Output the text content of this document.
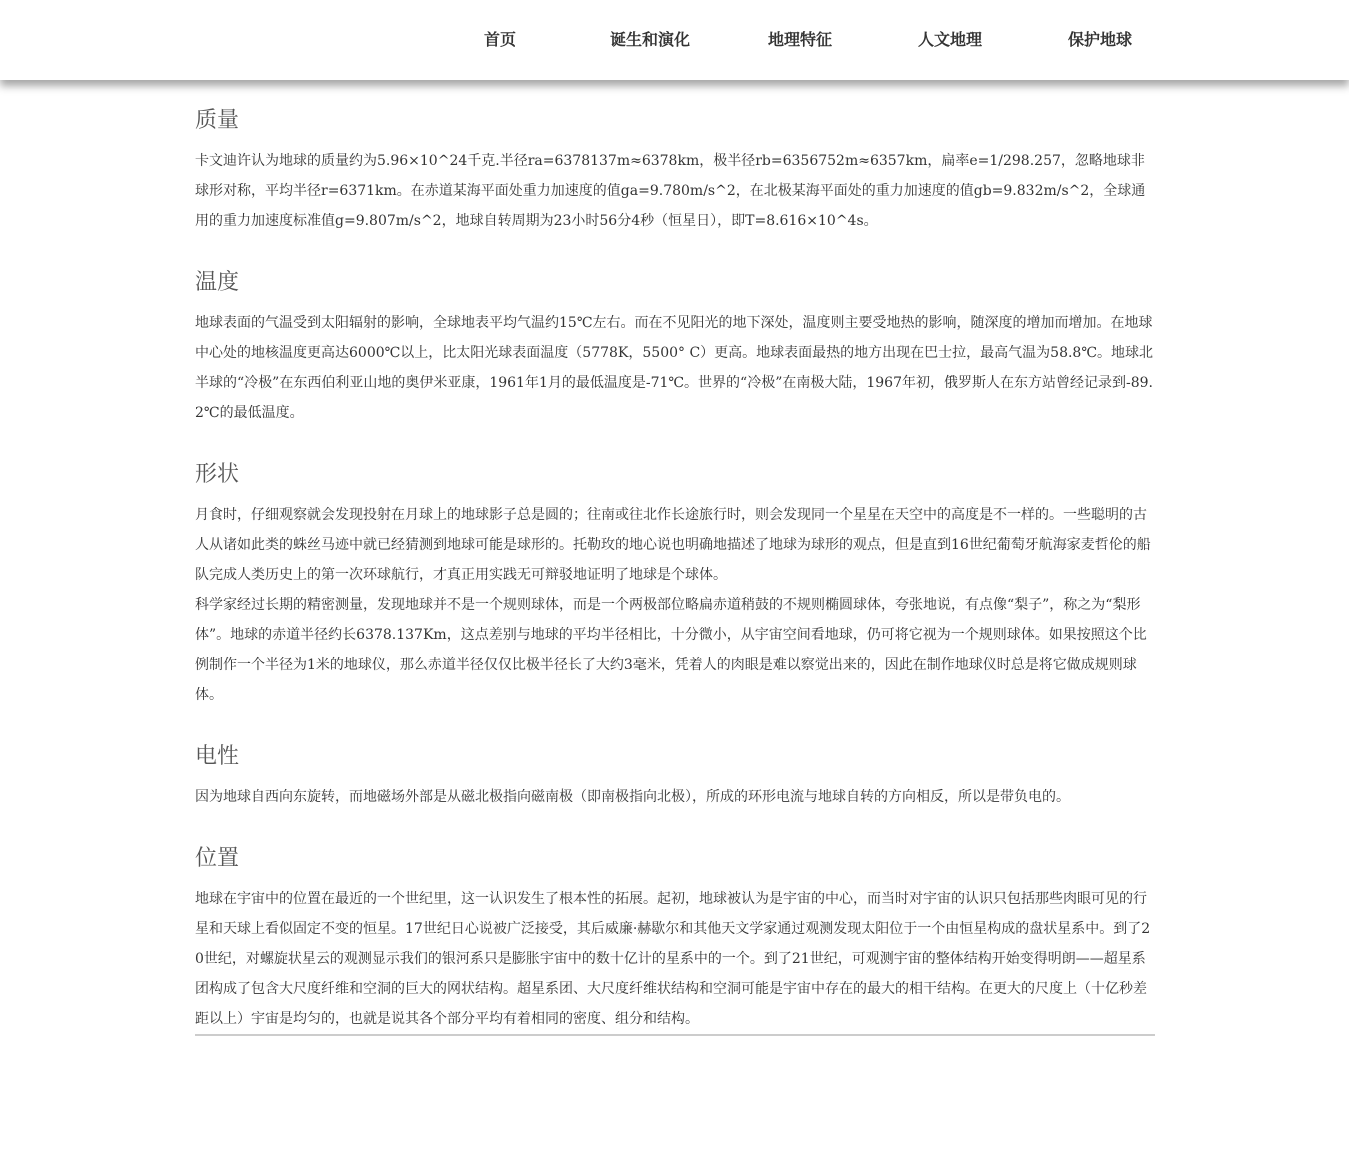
首页	诞生和演化	地理特征	人文地理	保护地球
质量

卡文迪许认为地球的质量约为5.96×10^24千克.半径ra=6378137m≈6378km，极半径rb=6356752m≈6357km，扁率e=1/298.257，忽略地球非球形对称，平均半径r=6371km。在赤道某海平面处重力加速度的值ga=9.780m/s^2，在北极某海平面处的重力加速度的值gb=9.832m/s^2，全球通用的重力加速度标准值g=9.807m/s^2，地球自转周期为23小时56分4秒（恒星日），即T=8.616×10^4s。

温度

地球表面的气温受到太阳辐射的影响，全球地表平均气温约15℃左右。而在不见阳光的地下深处，温度则主要受地热的影响，随深度的增加而增加。在地球中心处的地核温度更高达6000℃以上，比太阳光球表面温度（5778K，5500° C）更高。地球表面最热的地方出现在巴士拉，最高气温为58.8℃。地球北半球的“冷极”在东西伯利亚山地的奥伊米亚康，1961年1月的最低温度是-71℃。世界的“冷极”在南极大陆，1967年初，俄罗斯人在东方站曾经记录到-89.2℃的最低温度。

形状

月食时，仔细观察就会发现投射在月球上的地球影子总是圆的；往南或往北作长途旅行时，则会发现同一个星星在天空中的高度是不一样的。一些聪明的古人从诸如此类的蛛丝马迹中就已经猜测到地球可能是球形的。托勒玫的地心说也明确地描述了地球为球形的观点，但是直到16世纪葡萄牙航海家麦哲伦的船队完成人类历史上的第一次环球航行，才真正用实践无可辩驳地证明了地球是个球体。

科学家经过长期的精密测量，发现地球并不是一个规则球体，而是一个两极部位略扁赤道稍鼓的不规则椭圆球体，夸张地说，有点像“梨子”，称之为“梨形体”。地球的赤道半径约长6378.137Km，这点差别与地球的平均半径相比，十分微小，从宇宙空间看地球，仍可将它视为一个规则球体。如果按照这个比例制作一个半径为1米的地球仪，那么赤道半径仅仅比极半径长了大约3毫米，凭着人的肉眼是难以察觉出来的，因此在制作地球仪时总是将它做成规则球体。

电性

因为地球自西向东旋转，而地磁场外部是从磁北极指向磁南极（即南极指向北极），所成的环形电流与地球自转的方向相反，所以是带负电的。

位置

地球在宇宙中的位置在最近的一个世纪里，这一认识发生了根本性的拓展。起初，地球被认为是宇宙的中心，而当时对宇宙的认识只包括那些肉眼可见的行星和天球上看似固定不变的恒星。17世纪日心说被广泛接受，其后威廉·赫歇尔和其他天文学家通过观测发现太阳位于一个由恒星构成的盘状星系中。到了20世纪，对螺旋状星云的观测显示我们的银河系只是膨胀宇宙中的数十亿计的星系中的一个。到了21世纪，可观测宇宙的整体结构开始变得明朗——超星系团构成了包含大尺度纤维和空洞的巨大的网状结构。超星系团、大尺度纤维状结构和空洞可能是宇宙中存在的最大的相干结构。在更大的尺度上（十亿秒差距以上）宇宙是均匀的，也就是说其各个部分平均有着相同的密度、组分和结构。
